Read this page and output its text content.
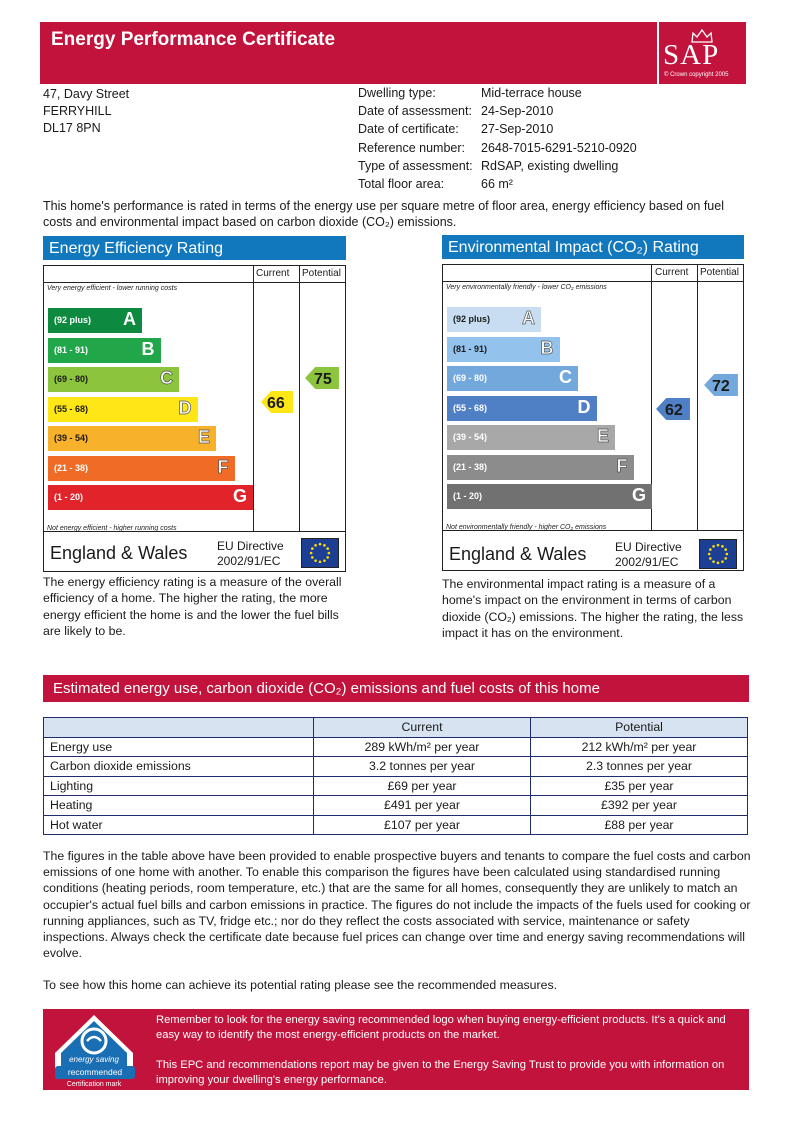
Energy Performance Certificate	SAP
© Crown copyright 2005
47, Davy Street
FERRYHILL
DL17 8PN
Dwelling type:	Mid-terrace house
Date of assessment: 24-Sep-2010
Date of certificate:	27-Sep-2010
Reference number:	2648-7015-6291-5210-0920
Type of assessment: RdSAP, existing dwelling
Total floor area:	66 m²
This home's performance is rated in terms of the energy use per square metre of floor area, energy efficiency based on fuel costs and environmental impact based on carbon dioxide (CO₂) emissions.
Energy Efficiency Rating
Current Potential
Very energy efficient - lower running costs
Not energy efficient - higher running costs
(92 plus) A
(81 - 91)	B
(69 - 80)	C
(55 - 68)	D
(39 - 54)	E
(21 - 38)	F
(1 - 20)	G
66
75
England & Wales EU Directive 2002/91/EC
The energy efficiency rating is a measure of the overall efficiency of a home. The higher the rating, the more energy efficient the home is and the lower the fuel bills are likely to be.
Environmental Impact (CO₂) Rating
Current Potential
Very environmentally friendly - lower CO₂ emissions
Not environmentally friendly - higher CO₂ emissions
(92 plus) A
(81 - 91)	B
(69 - 80)	C
(55 - 68)	D
(39 - 54)	E
(21 - 38)	F
(1 - 20)	G
62
72
England & Wales EU Directive 2002/91/EC
The environmental impact rating is a measure of a home's impact on the environment in terms of carbon dioxide (CO₂) emissions. The higher the rating, the less impact it has on the environment.
Estimated energy use, carbon dioxide (CO₂) emissions and fuel costs of this home
	Current	Potential
Energy use	289 kWh/m² per year	212 kWh/m² per year
Carbon dioxide emissions	3.2 tonnes per year	2.3 tonnes per year
Lighting	£69 per year	£35 per year
Heating	£491 per year	£392 per year
Hot water	£107 per year	£88 per year
The figures in the table above have been provided to enable prospective buyers and tenants to compare the fuel costs and carbon emissions of one home with another. To enable this comparison the figures have been calculated using standardised running conditions (heating periods, room temperature, etc.) that are the same for all homes, consequently they are unlikely to match an occupier's actual fuel bills and carbon emissions in practice. The figures do not include the impacts of the fuels used for cooking or running appliances, such as TV, fridge etc.; nor do they reflect the costs associated with service, maintenance or safety inspections. Always check the certificate date because fuel prices can change over time and energy saving recommendations will evolve.
To see how this home can achieve its potential rating please see the recommended measures.
energy saving
recommended
Certification mark

Remember to look for the energy saving recommended logo when buying energy-efficient products. It's a quick and easy way to identify the most energy-efficient products on the market.

This EPC and recommendations report may be given to the Energy Saving Trust to provide you with information on improving your dwelling's energy performance.
